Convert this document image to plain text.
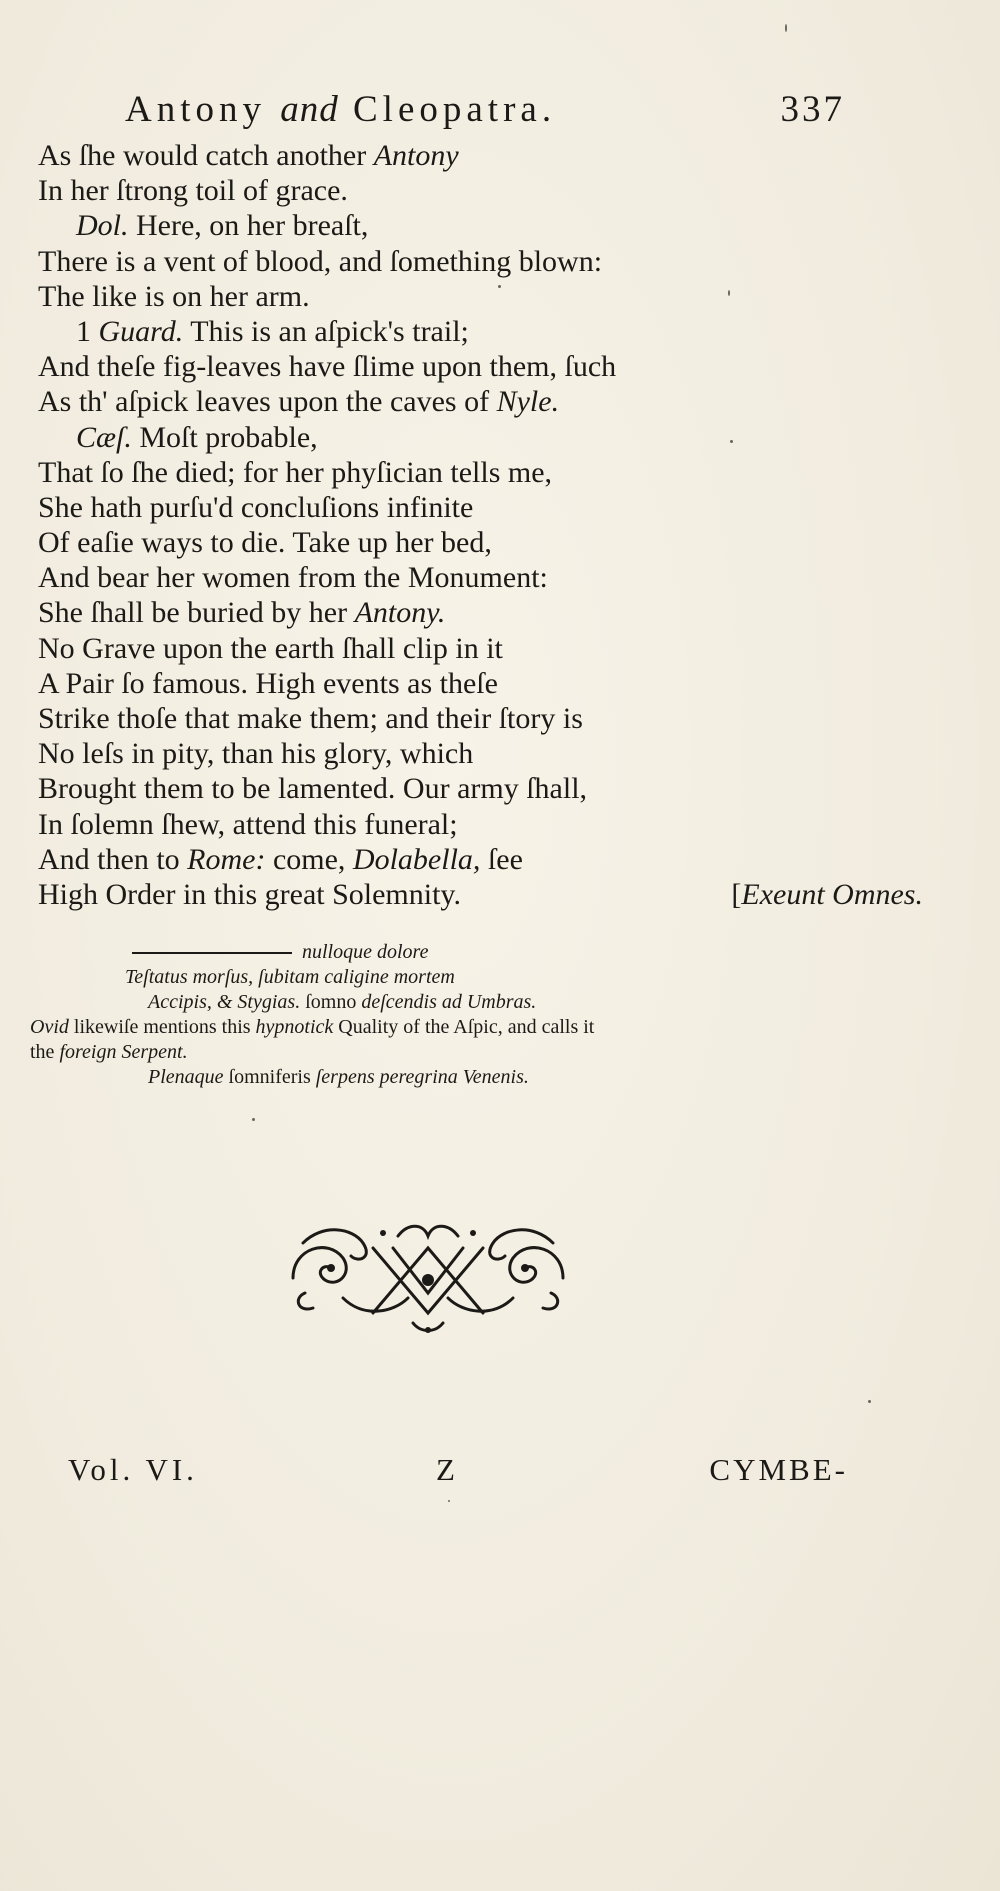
Antony and Cleopatra.	337
As ſhe would catch another Antony
In her ſtrong toil of grace.
Dol. Here, on her breaſt,
There is a vent of blood, and ſomething blown:
The like is on her arm.
1 Guard. This is an aſpick's trail;
And theſe fig-leaves have ſlime upon them, ſuch
As th' aſpick leaves upon the caves of Nyle.
Cæſ. Moſt probable,
That ſo ſhe died; for her phyſician tells me,
She hath purſu'd concluſions infinite
Of eaſie ways to die. Take up her bed,
And bear her women from the Monument:
She ſhall be buried by her Antony.
No Grave upon the earth ſhall clip in it
A Pair ſo famous. High events as theſe
Strike thoſe that make them; and their ſtory is
No leſs in pity, than his glory, which
Brought them to be lamented. Our army ſhall,
In ſolemn ſhew, attend this funeral;
And then to Rome: come, Dolabella, ſee
High Order in this great Solemnity.	[Exeunt Omnes.
nulloque dolore
Teſtatus morſus, ſubitam caligine mortem
Accipis, & Stygias. ſomno deſcendis ad Umbras.
Ovid likewiſe mentions this hypnotick Quality of the Aſpic, and calls it
the foreign Serpent.
Plenaque ſomniferis ſerpens peregrina Venenis.
Vol. VI.	Z	CYMBE-
